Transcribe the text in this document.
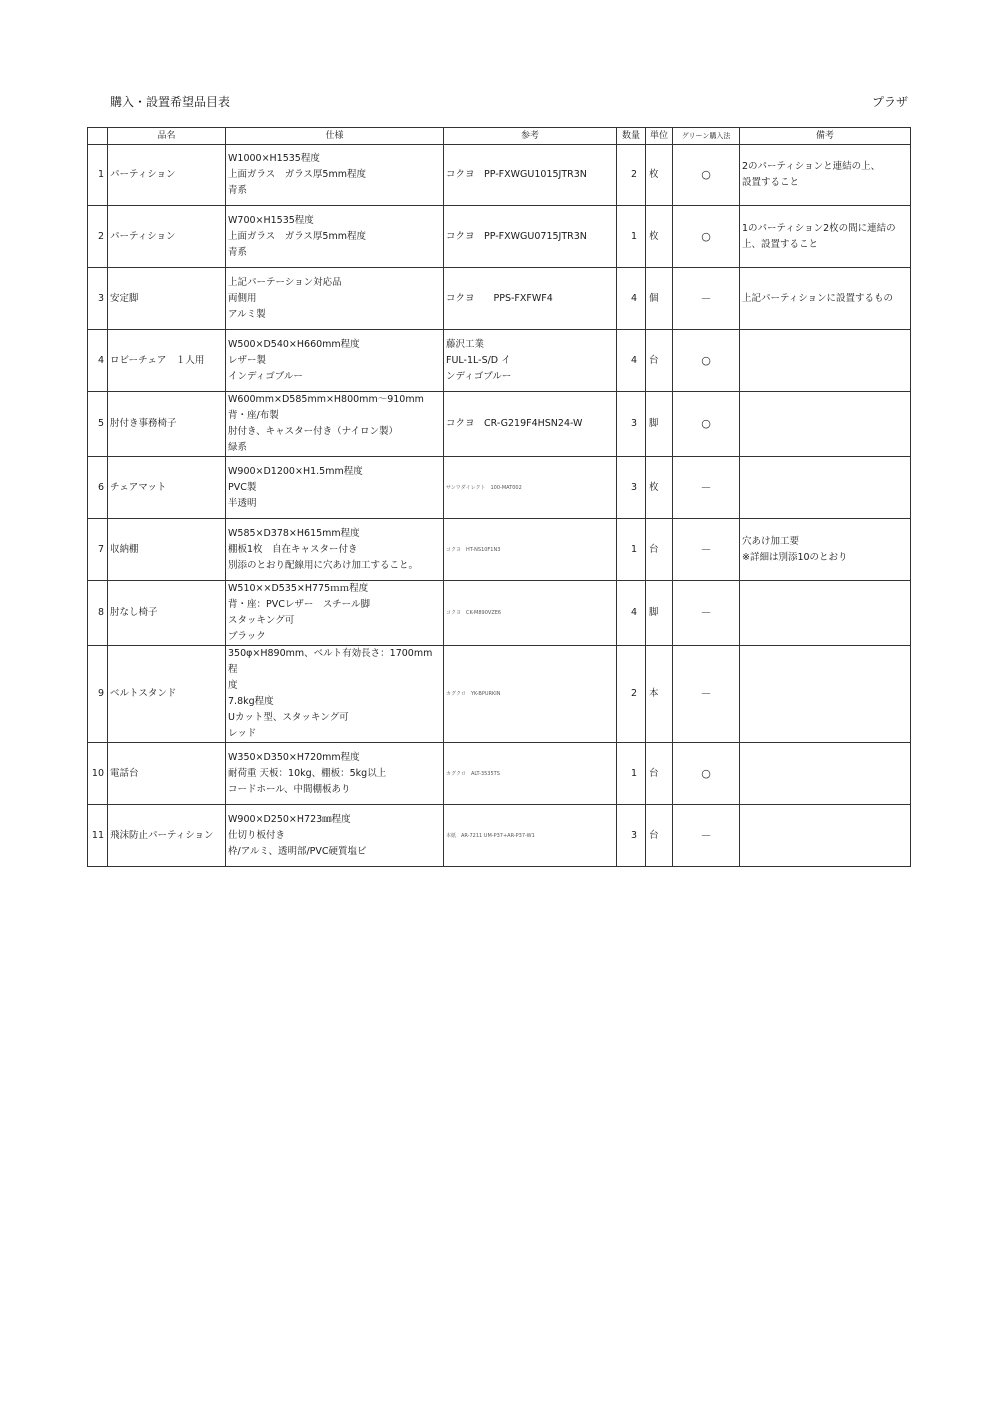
購入・設置希望品目表	プラザ
	品名	仕様	参考	数量	単位	グリーン購入法	備考
1	パーティション	W1000×H1535程度
上面ガラス　ガラス厚5mm程度
青系	コクヨ　PP-FXWGU1015JTR3N	2	枚	○	2のパーティションと連結の上、
設置すること

2	パーティション	W700×H1535程度
上面ガラス　ガラス厚5mm程度
青系	コクヨ　PP-FXWGU0715JTR3N	1	枚	○	1のパーティション2枚の間に連結の
上、設置すること

3	安定脚	上記パーテーション対応品
両側用
アルミ製	コクヨ　　PPS-FXFWF4	4	個	－	上記パーティションに設置するもの

4	ロビーチェア　１人用	W500×D540×H660mm程度
レザー製
インディゴブルー	藤沢工業
FUL-1L-S/D イ
ンディゴブルー	4	台	○	
5	肘付き事務椅子	W600mm×D585mm×H800mm～910mm
背・座/布製
肘付き、キャスター付き（ナイロン製）
緑系	コクヨ　CR-G219F4HSN24-W	3	脚	○	
6	チェアマット	W900×D1200×H1.5mm程度
PVC製
半透明	サンワダイレクト　100-MAT002	3	枚	－	
7	収納棚	W585×D378×H615mm程度
棚板1枚　自在キャスター付き
別添のとおり配線用に穴あけ加工すること。	コクヨ　HT-NS10F1N3	1	台	－	穴あけ加工要
※詳細は別添10のとおり

8	肘なし椅子	W510××D535×H775ｍｍ程度
背・座：PVCレザー　スチール脚
スタッキング可
ブラック	コクヨ　CK-M890VZE6	4	脚	－	
9	ベルトスタンド	350φ×H890mm、ベルト有効長さ：1700mm程
度
7.8kg程度
Uカット型、スタッキング可
レッド	カグクロ　YK-BPURKIN	2	本	－	
10	電話台	W350×D350×H720mm程度
耐荷重 天板：10kg、棚板：5kg以上
コードホール、中間棚板あり	カグクロ　ALT-3535TS	1	台	○	
11	飛沫防止パーティション	W900×D250×H723㎜程度
仕切り板付き
枠/アルミ、透明部/PVC硬質塩ビ	本紙　AR-7211 UM-P37+AR-P37-W1	3	台	－	
